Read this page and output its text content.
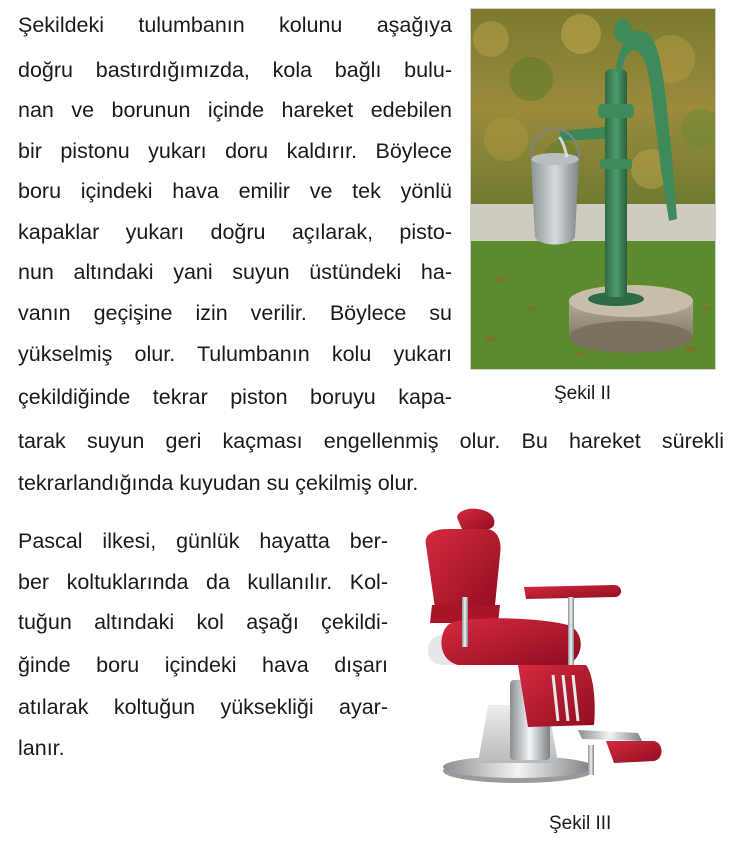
Şekildeki tulumbanın kolunu aşağıya
doğru bastırdığımızda, kola bağlı bulu-
nan ve borunun içinde hareket edebilen
bir pistonu yukarı doru kaldırır. Böylece
boru içindeki hava emilir ve tek yönlü
kapaklar yukarı doğru açılarak, pisto-
nun altındaki yani suyun üstündeki ha-
vanın geçişine izin verilir. Böylece su
yükselmiş olur. Tulumbanın kolu yukarı
çekildiğinde tekrar piston boruyu kapa-
tarak suyun geri kaçması engellenmiş olur. Bu hareket sürekli
tekrarlandığında kuyudan su çekilmiş olur.
Şekil II
Pascal ilkesi, günlük hayatta ber-
ber koltuklarında da kullanılır. Kol-
tuğun altındaki kol aşağı çekildi-
ğinde boru içindeki hava dışarı
atılarak koltuğun yüksekliği ayar-
lanır.
Şekil III
